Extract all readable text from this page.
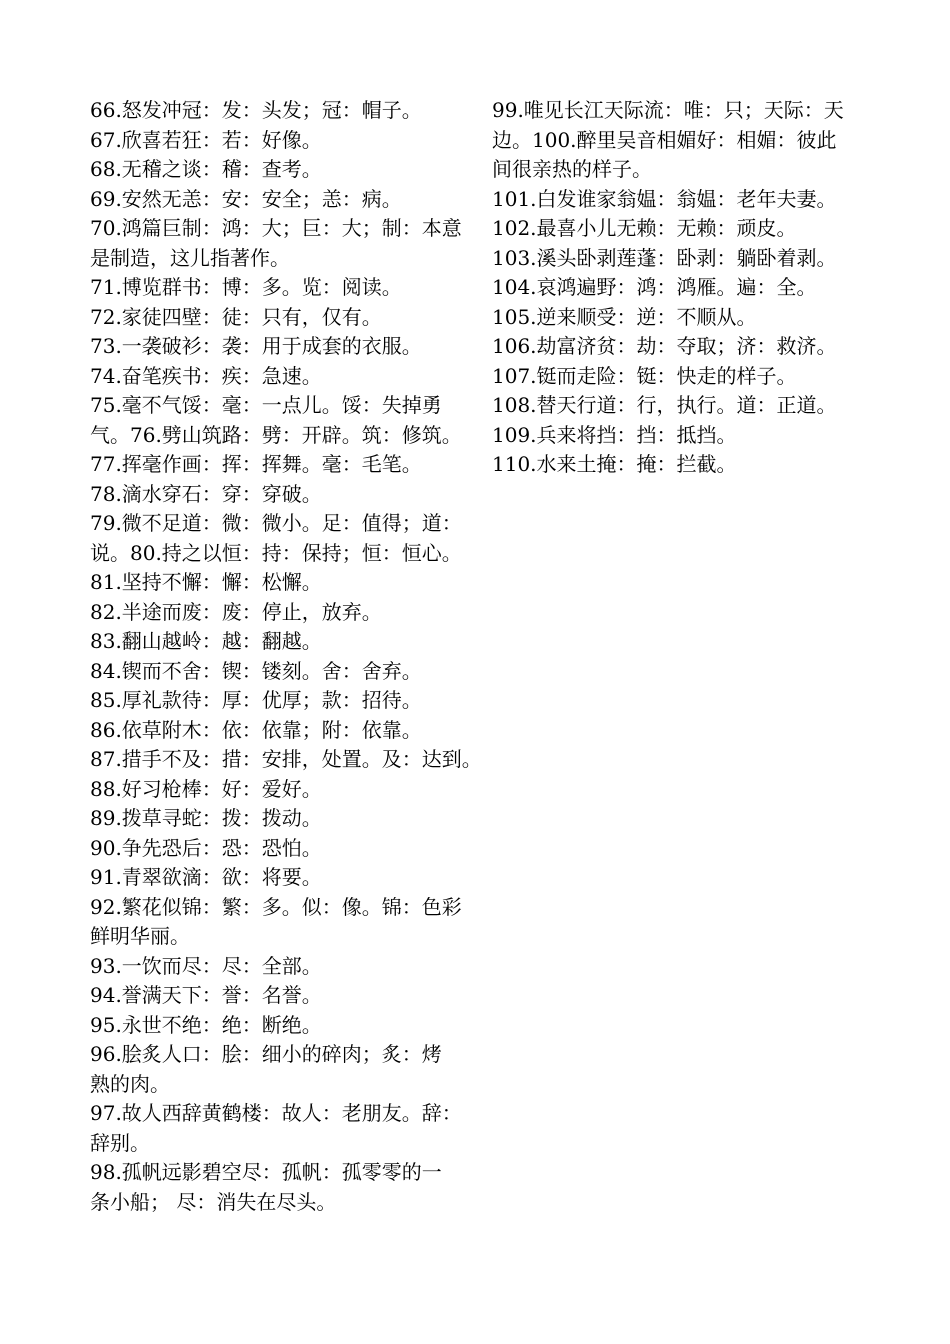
66.怒发冲冠：发：头发；冠：帽子。
67.欣喜若狂：若：好像。
68.无稽之谈：稽：查考。
69.安然无恙：安：安全；恙：病。
70.鸿篇巨制：鸿：大；巨：大；制：本意
是制造，这儿指著作。
71.博览群书：博：多。览：阅读。
72.家徒四壁：徒：只有，仅有。
73.一袭破衫：袭：用于成套的衣服。
74.奋笔疾书：疾：急速。
75.毫不气馁：毫：一点儿。馁：失掉勇
气。76.劈山筑路：劈：开辟。筑：修筑。
77.挥毫作画：挥：挥舞。毫：毛笔。
78.滴水穿石：穿：穿破。
79.微不足道：微：微小。足：值得；道：
说。80.持之以恒：持：保持；恒：恒心。
81.坚持不懈：懈：松懈。
82.半途而废：废：停止，放弃。
83.翻山越岭：越：翻越。
84.锲而不舍：锲：镂刻。舍：舍弃。
85.厚礼款待：厚：优厚；款：招待。
86.依草附木：依：依靠；附：依靠。
87.措手不及：措：安排，处置。及：达到。
88.好习枪棒：好：爱好。
89.拨草寻蛇：拨：拨动。
90.争先恐后：恐：恐怕。
91.青翠欲滴：欲：将要。
92.繁花似锦：繁：多。似：像。锦：色彩
鲜明华丽。
93.一饮而尽：尽：全部。
94.誉满天下：誉：名誉。
95.永世不绝：绝：断绝。
96.脍炙人口：脍：细小的碎肉；炙：烤
熟的肉。
97.故人西辞黄鹤楼：故人：老朋友。辞：
辞别。
98.孤帆远影碧空尽：孤帆：孤零零的一
条小船； 尽：消失在尽头。
99.唯见长江天际流：唯：只；天际：天
边。100.醉里吴音相媚好：相媚：彼此
间很亲热的样子。
101.白发谁家翁媪：翁媪：老年夫妻。
102.最喜小儿无赖：无赖：顽皮。
103.溪头卧剥莲蓬：卧剥：躺卧着剥。
104.哀鸿遍野：鸿：鸿雁。遍：全。
105.逆来顺受：逆：不顺从。
106.劫富济贫：劫：夺取；济：救济。
107.铤而走险：铤：快走的样子。
108.替天行道：行，执行。道：正道。
109.兵来将挡：挡：抵挡。
110.水来土掩：掩：拦截。
